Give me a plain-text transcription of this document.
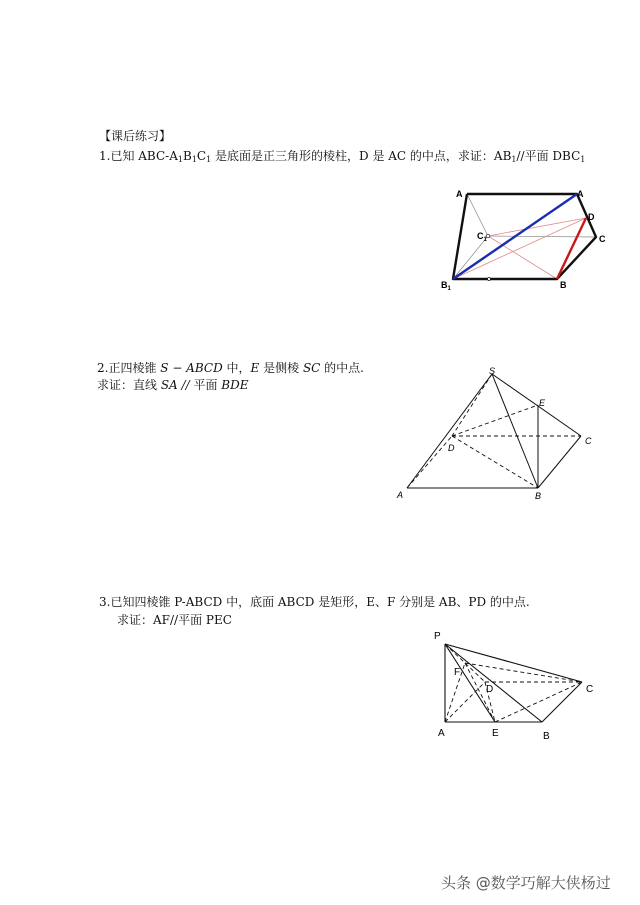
【课后练习】
1.已知 ABC-$A_1B_1C_1$ 是底面是正三角形的棱柱，D 是 AC 的中点，求证：$AB_1//$平面 $DBC_1$
A	A
D
$C_1$	C
$B_1$	B
2.正四棱锥 S − ABCD 中，E 是侧棱 SC 的中点.
求证：直线 SA // 平面 BDE
S
E
C
D
A	B
3.已知四棱锥 P-ABCD 中，底面 ABCD 是矩形，E、F 分别是 AB、PD 的中点.
求证：AF//平面 PEC
P
F
D	C
A	E	B
头条 @数学巧解大侠杨过
